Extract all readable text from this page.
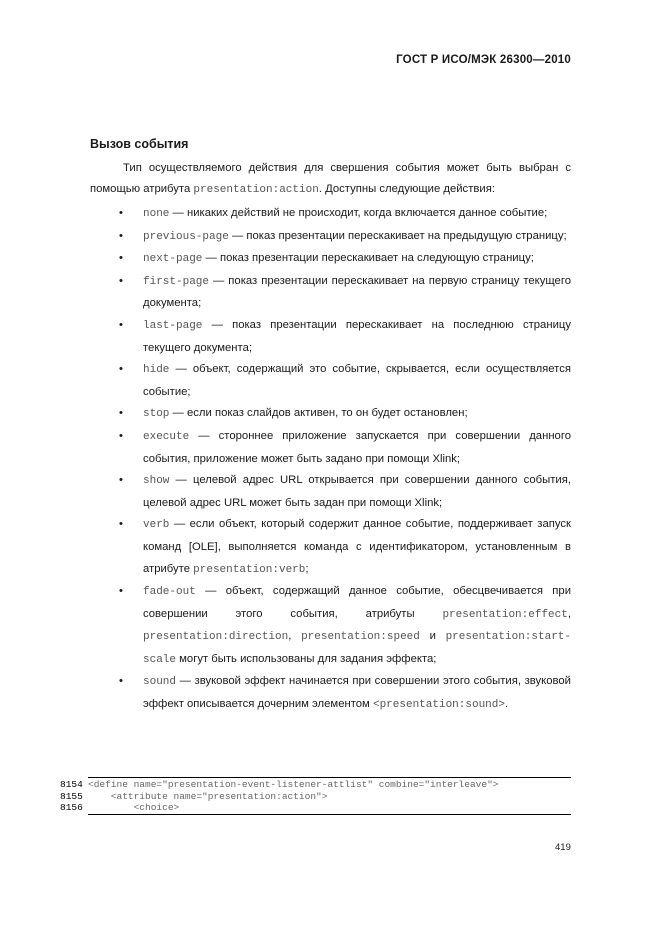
ГОСТ Р ИСО/МЭК 26300—2010
Вызов события

Тип осуществляемого действия для свершения события может быть выбран с помощью атрибута presentation:action. Доступны следующие действия:

• none — никаких действий не происходит, когда включается данное событие;
• previous-page — показ презентации перескакивает на предыдущую страницу;
• next-page — показ презентации перескакивает на следующую страницу;
• first-page — показ презентации перескакивает на первую страницу текущего документа;
• last-page — показ презентации перескакивает на последнюю страницу текущего документа;
• hide — объект, содержащий это событие, скрывается, если осуществляется событие;
• stop — если показ слайдов активен, то он будет остановлен;
• execute — стороннее приложение запускается при совершении данного события, приложение может быть задано при помощи Xlink;
• show — целевой адрес URL открывается при совершении данного события, целевой адрес URL может быть задан при помощи Xlink;
• verb — если объект, который содержит данное событие, поддерживает запуск команд [OLE], выполняется команда с идентификатором, установленным в атрибуте presentation:verb;
• fade-out — объект, содержащий данное событие, обесцвечивается при совершении этого события, атрибуты presentation:effect, presentation:direction, presentation:speed и presentation:start-scale могут быть использованы для задания эффекта;
• sound — звуковой эффект начинается при совершении этого события, звуковой эффект описывается дочерним элементом <presentation:sound>.
8154 <define name="presentation-event-listener-attlist" combine="interleave">
8155    <attribute name="presentation:action">
8156        <choice>
419
